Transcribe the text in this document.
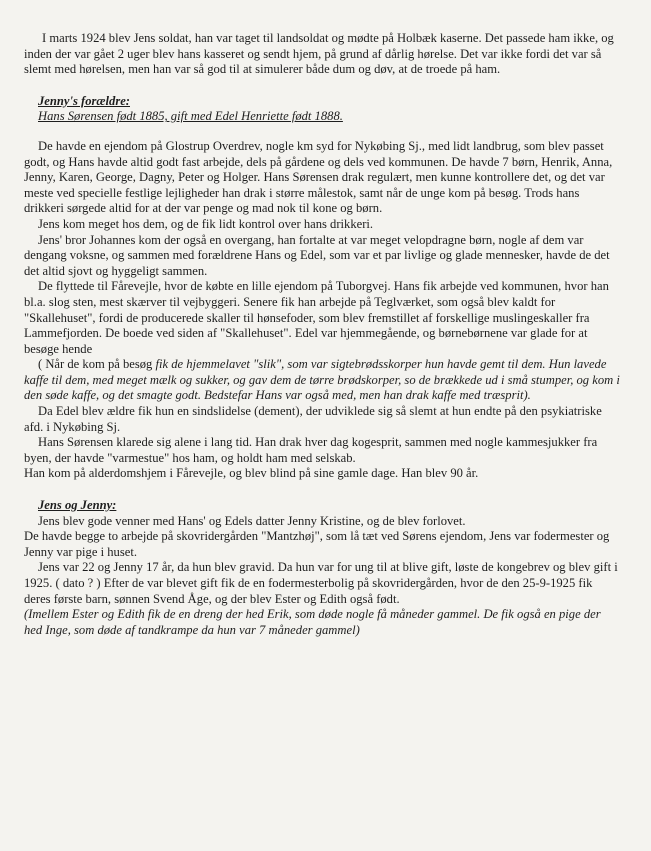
I marts 1924 blev Jens soldat, han var taget til landsoldat og mødte på Holbæk kaserne. Det passede ham ikke, og inden der var gået 2 uger blev hans kasseret og sendt hjem, på grund af dårlig hørelse. Det var ikke fordi det var så slemt med hørelsen, men han var så god til at simulerer både dum og døv, at de troede på ham.

Jenny's forældre:

Hans Sørensen født 1885, gift med Edel Henriette født 1888.

De havde en ejendom på Glostrup Overdrev, nogle km syd for Nykøbing Sj., med lidt landbrug, som blev passet godt, og Hans havde altid godt fast arbejde, dels på gårdene og dels ved kommunen. De havde 7 børn, Henrik, Anna, Jenny, Karen, George, Dagny, Peter og Holger. Hans Sørensen drak regulært, men kunne kontrollere det, og det var meste ved specielle festlige lejligheder han drak i større målestok, samt når de unge kom på besøg. Trods hans drikkeri sørgede altid for at der var penge og mad nok til kone og børn.

Jens kom meget hos dem, og de fik lidt kontrol over hans drikkeri.

Jens' bror Johannes kom der også en overgang, han fortalte at var meget velopdragne børn, nogle af dem var dengang voksne, og sammen med forældrene Hans og Edel, som var et par livlige og glade mennesker, havde de det det altid sjovt og hyggeligt sammen.

De flyttede til Fårevejle, hvor de købte en lille ejendom på Tuborgvej. Hans fik arbejde ved kommunen, hvor han bl.a. slog sten, mest skærver til vejbyggeri. Senere fik han arbejde på Teglværket, som også blev kaldt for "Skallehuset", fordi de producerede skaller til hønsefoder, som blev fremstillet af forskellige muslingeskaller fra Lammefjorden. De boede ved siden af "Skallehuset". Edel var hjemmegående, og børnebørnene var glade for at besøge hende

( Når de kom på besøg fik de hjemmelavet "slik", som var sigtebrødsskorper hun havde gemt til dem. Hun lavede kaffe til dem, med meget mælk og sukker, og gav dem de tørre brødskorper, so de brækkede ud i små stumper, og kom i den søde kaffe, og det smagte godt. Bedstefar Hans var også med, men han drak kaffe med træsprit).

Da Edel blev ældre fik hun en sindslidelse (dement), der udviklede sig så slemt at hun endte på den psykiatriske afd. i Nykøbing Sj.

Hans Sørensen klarede sig alene i lang tid. Han drak hver dag kogesprit, sammen med nogle kammesjukker fra byen, der havde "varmestue" hos ham, og holdt ham med selskab.

Han kom på alderdomshjem i Fårevejle, og blev blind på sine gamle dage. Han blev 90 år.

Jens og Jenny:

Jens blev gode venner med Hans' og Edels datter Jenny Kristine, og de blev forlovet.

De havde begge to arbejde på skovridergården "Mantzhøj", som lå tæt ved Sørens ejendom, Jens var fodermester og Jenny var pige i huset.

Jens var 22 og Jenny 17 år, da hun blev gravid. Da hun var for ung til at blive gift, løste de kongebrev og blev gift i 1925. ( dato ? ) Efter de var blevet gift fik de en fodermesterbolig på skovridergården, hvor de den 25-9-1925 fik deres første barn, sønnen Svend Åge, og der blev Ester og Edith også født.

(Imellem Ester og Edith fik de en dreng der hed Erik, som døde nogle få måneder gammel. De fik også en pige der hed Inge, som døde af tandkrampe da hun var 7 måneder gammel)
